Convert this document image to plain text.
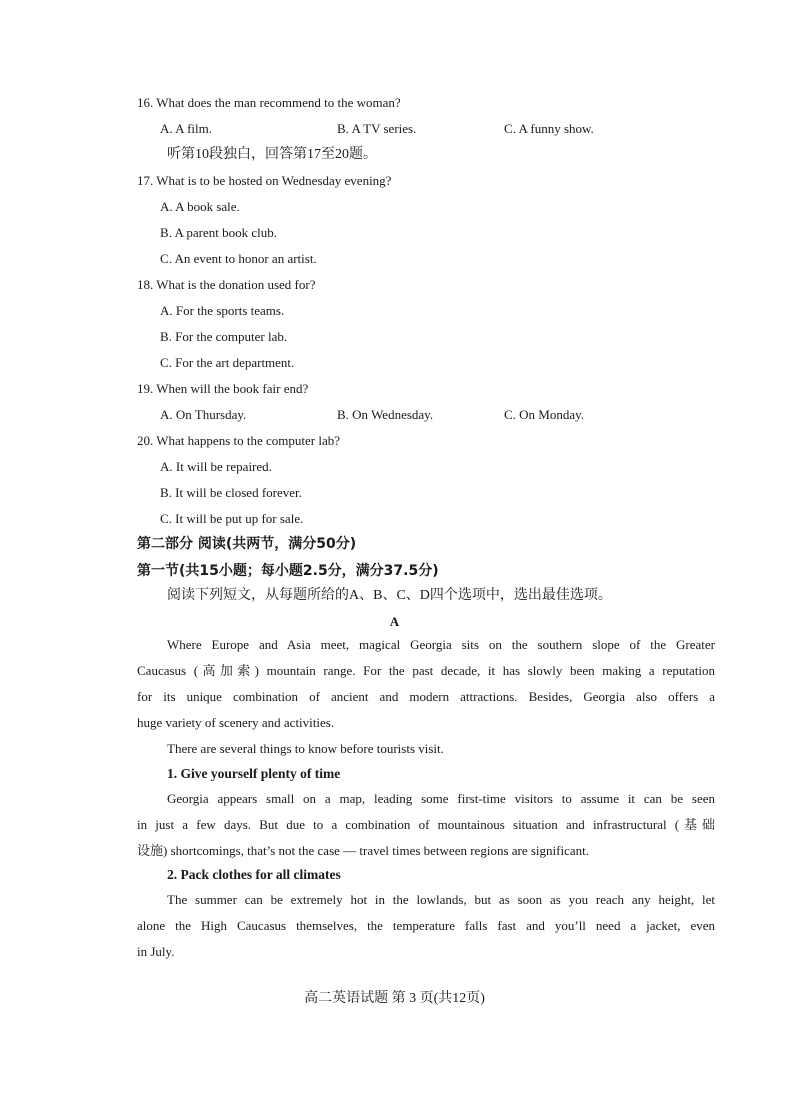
16. What does the man recommend to the woman?
A. A film.	B. A TV series.	C. A funny show.
听第10段独白，回答第17至20题。
17. What is to be hosted on Wednesday evening?
A. A book sale.
B. A parent book club.
C. An event to honor an artist.
18. What is the donation used for?
A. For the sports teams.
B. For the computer lab.
C. For the art department.
19. When will the book fair end?
A. On Thursday.	B. On Wednesday.	C. On Monday.
20. What happens to the computer lab?
A. It will be repaired.
B. It will be closed forever.
C. It will be put up for sale.
第二部分 阅读(共两节，满分50分)
第一节(共15小题；每小题2.5分，满分37.5分)
阅读下列短文，从每题所给的A、B、C、D四个选项中，选出最佳选项。
A
Where Europe and Asia meet, magical Georgia sits on the southern slope of the Greater
Caucasus (高加索) mountain range. For the past decade, it has slowly been making a reputation
for its unique combination of ancient and modern attractions. Besides, Georgia also offers a
huge variety of scenery and activities.
There are several things to know before tourists visit.
1. Give yourself plenty of time
Georgia appears small on a map, leading some first-time visitors to assume it can be seen
in just a few days. But due to a combination of mountainous situation and infrastructural (基础
设施) shortcomings, that’s not the case — travel times between regions are significant.
2. Pack clothes for all climates
The summer can be extremely hot in the lowlands, but as soon as you reach any height, let
alone the High Caucasus themselves, the temperature falls fast and you’ll need a jacket, even
in July.
高二英语试题 第 3 页(共12页)
